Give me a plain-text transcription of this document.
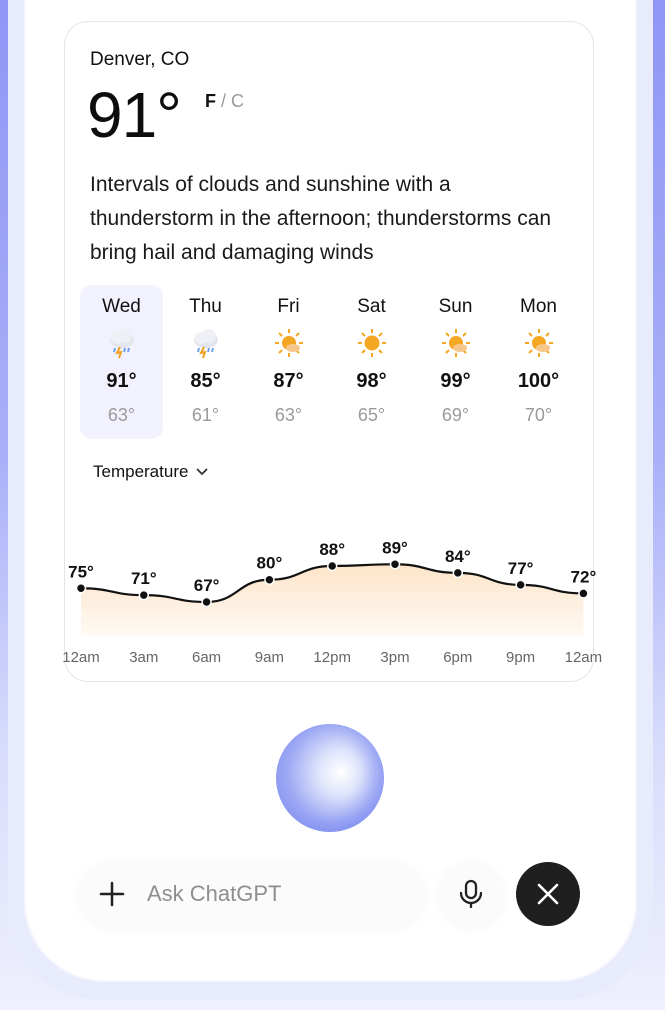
Denver, CO
91° F / C
Intervals of clouds and sunshine with a thunderstorm in the afternoon; thunderstorms can bring hail and damaging winds
Wed
91°
63°
Thu
85°
61°
Fri
87°
63°
Sat
98°
65°
Sun
99°
69°
Mon
100°
70°
Temperature
75° 71° 67°
80°
88° 89° 84°
77° 72°
12am 3am 6am 9am 12pm 3pm 6pm 9pm 12am
Ask ChatGPT
